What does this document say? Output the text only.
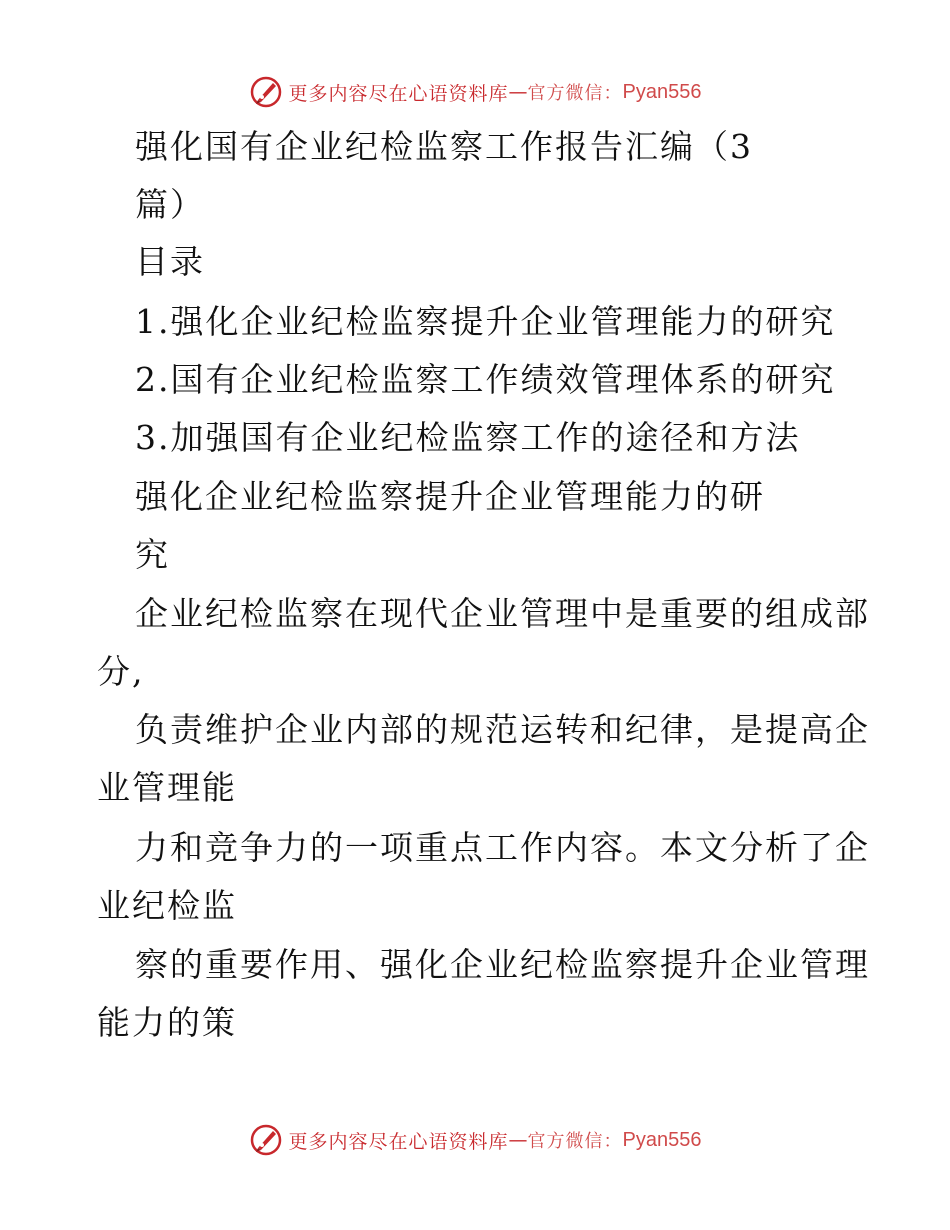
更多内容尽在心语资料库 — 官方微信： Pyan556
强化国有企业纪检监察工作报告汇编（3
篇）
目录
1.强化企业纪检监察提升企业管理能力的研究
2.国有企业纪检监察工作绩效管理体系的研究
3.加强国有企业纪检监察工作的途径和方法
强化企业纪检监察提升企业管理能力的研
究
企业纪检监察在现代企业管理中是重要的组成部
分,
负责维护企业内部的规范运转和纪律，是提高企
业管理能
力和竞争力的一项重点工作内容。本文分析了企
业纪检监
察的重要作用、强化企业纪检监察提升企业管理
能力的策
更多内容尽在心语资料库 — 官方微信： Pyan556
